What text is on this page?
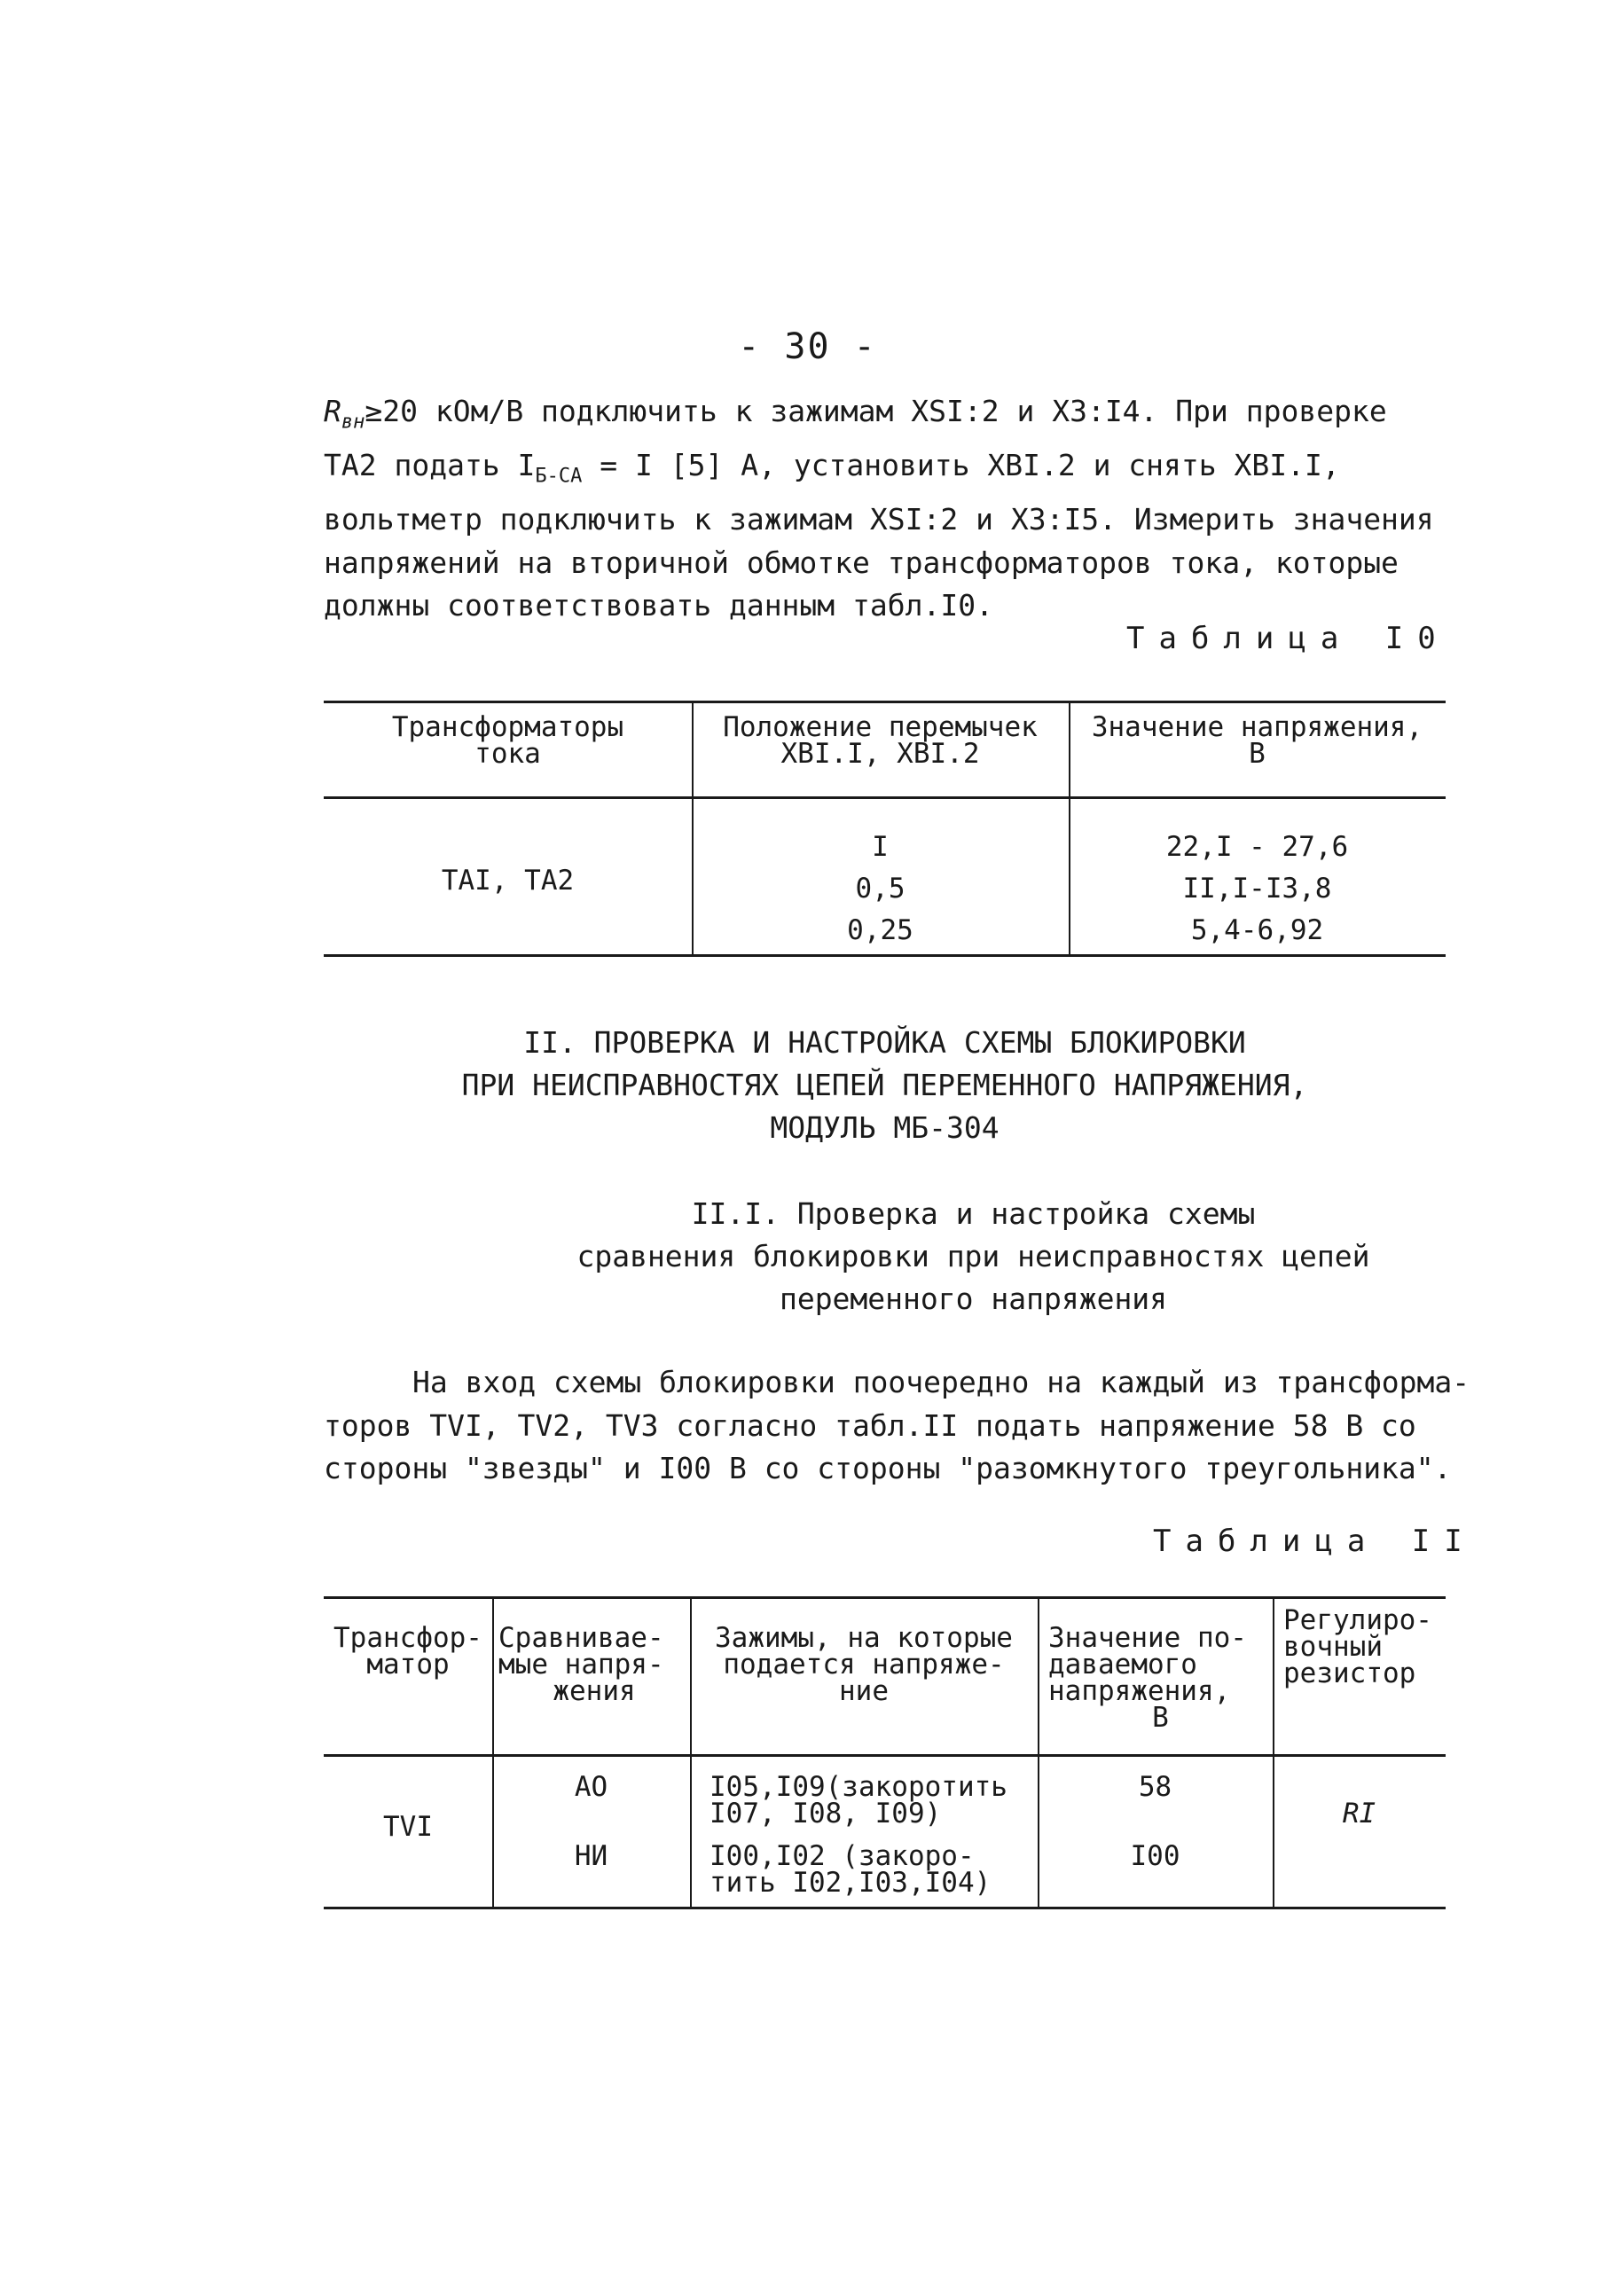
- 30 -
$R_{вн}\ge 20$ кОм/В подключить к зажимам XSI:2 и X3:I4. При проверке
ТА2 подать $I_{Б-СА} = I$ [5] А, установить XBI.2 и снять XBI.I,
вольтметр подключить к зажимам XSI:2 и X3:I5. Измерить значения
напряжений на вторичной обмотке трансформаторов тока, которые
должны соответствовать данным табл.I0.
Таблица I0
Трансформаторы
тока
Положение перемычек
XBI.I, XBI.2
Значение напряжения,
В
TAI, TA2
I
0,5
0,25
22,I - 27,6
II,I-I3,8
5,4-6,92
II. ПРОВЕРКА И НАСТРОЙКА СХЕМЫ БЛОКИРОВКИ
ПРИ НЕИСПРАВНОСТЯХ ЦЕПЕЙ ПЕРЕМЕННОГО НАПРЯЖЕНИЯ,
МОДУЛЬ МБ-304
II.I. Проверка и настройка схемы
сравнения блокировки при неисправностях цепей
переменного напряжения
На вход схемы блокировки поочередно на каждый из трансформа-
торов TVI, TV2, TV3 согласно табл.II подать напряжение 58 В со
стороны "звезды" и I00 В со стороны "разомкнутого треугольника".
Таблица II
Трансфор-
матор
Сравнивае-
мые напря-
жения
Зажимы, на которые
подается напряже-
ние
Значение по-
даваемого
напряжения,
В
Регулиро-
вочный
резистор
TVI
АО
НИ
I05,I09(закоротить
I07, I08, I09)
I00,I02 (закоро-
тить I02,I03,I04)
58
I00
RI
